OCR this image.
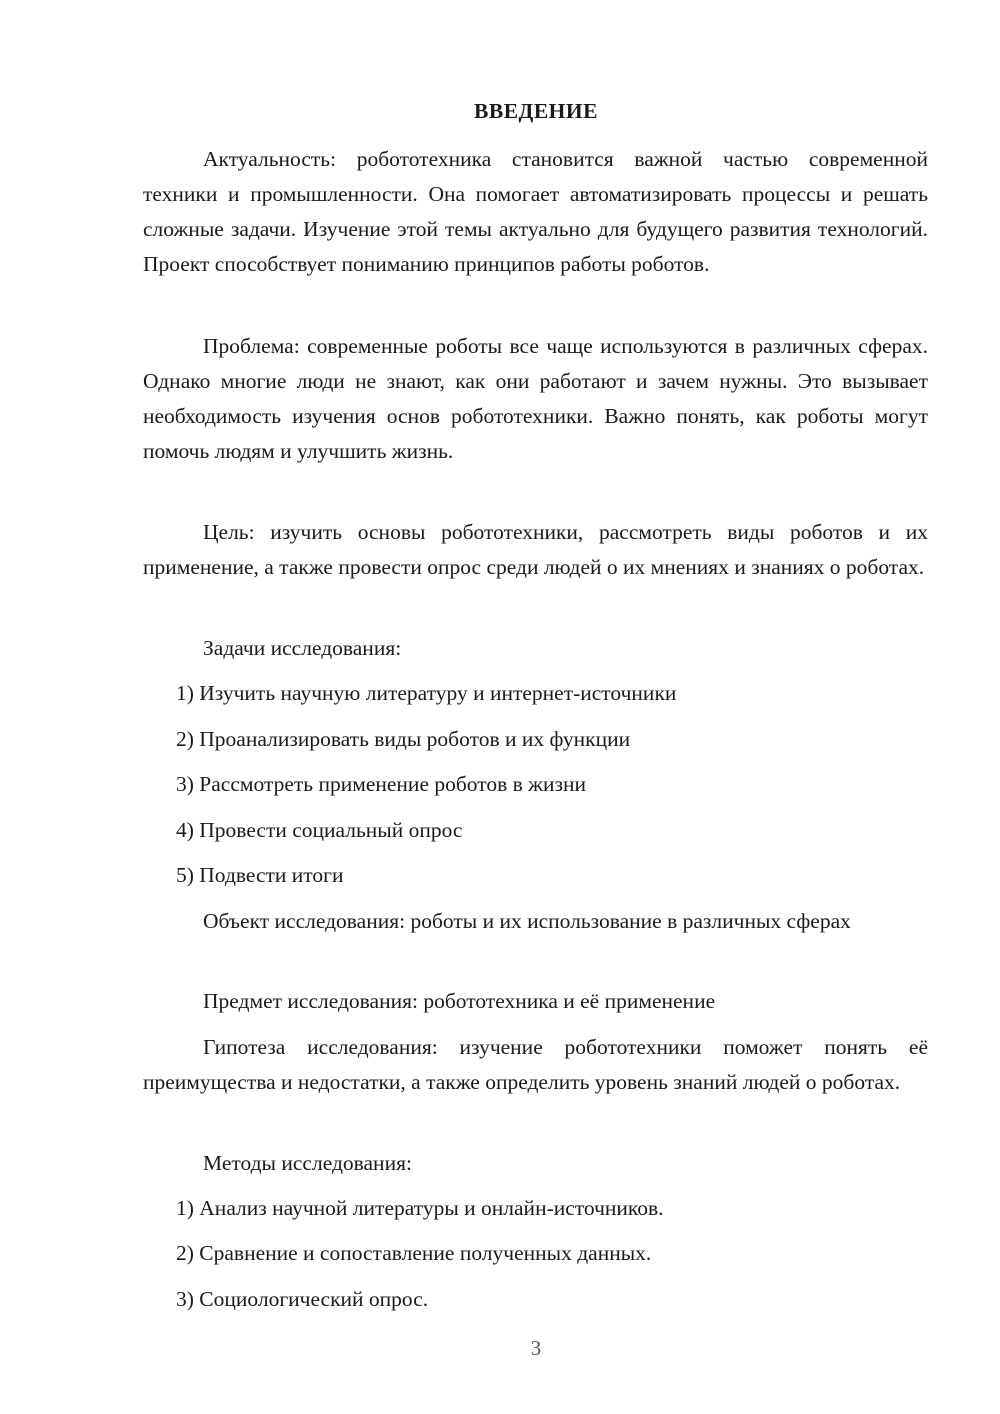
ВВЕДЕНИЕ

Актуальность: робототехника становится важной частью современной техники и промышленности. Она помогает автоматизировать процессы и решать сложные задачи. Изучение этой темы актуально для будущего развития технологий. Проект способствует пониманию принципов работы роботов.

Проблема: современные роботы все чаще используются в различных сферах. Однако многие люди не знают, как они работают и зачем нужны. Это вызывает необходимость изучения основ робототехники. Важно понять, как роботы могут помочь людям и улучшить жизнь.

Цель: изучить основы робототехники, рассмотреть виды роботов и их применение, а также провести опрос среди людей о их мнениях и знаниях о роботах.

Задачи исследования:

1) Изучить научную литературу и интернет-источники

2) Проанализировать виды роботов и их функции

3) Рассмотреть применение роботов в жизни

4) Провести социальный опрос

5) Подвести итоги

Объект исследования: роботы и их использование в различных сферах

Предмет исследования: робототехника и её применение

Гипотеза исследования: изучение робототехники поможет понять её преимущества и недостатки, а также определить уровень знаний людей о роботах.

Методы исследования:

1) Анализ научной литературы и онлайн-источников.

2) Сравнение и сопоставление полученных данных.

3) Социологический опрос.

3
